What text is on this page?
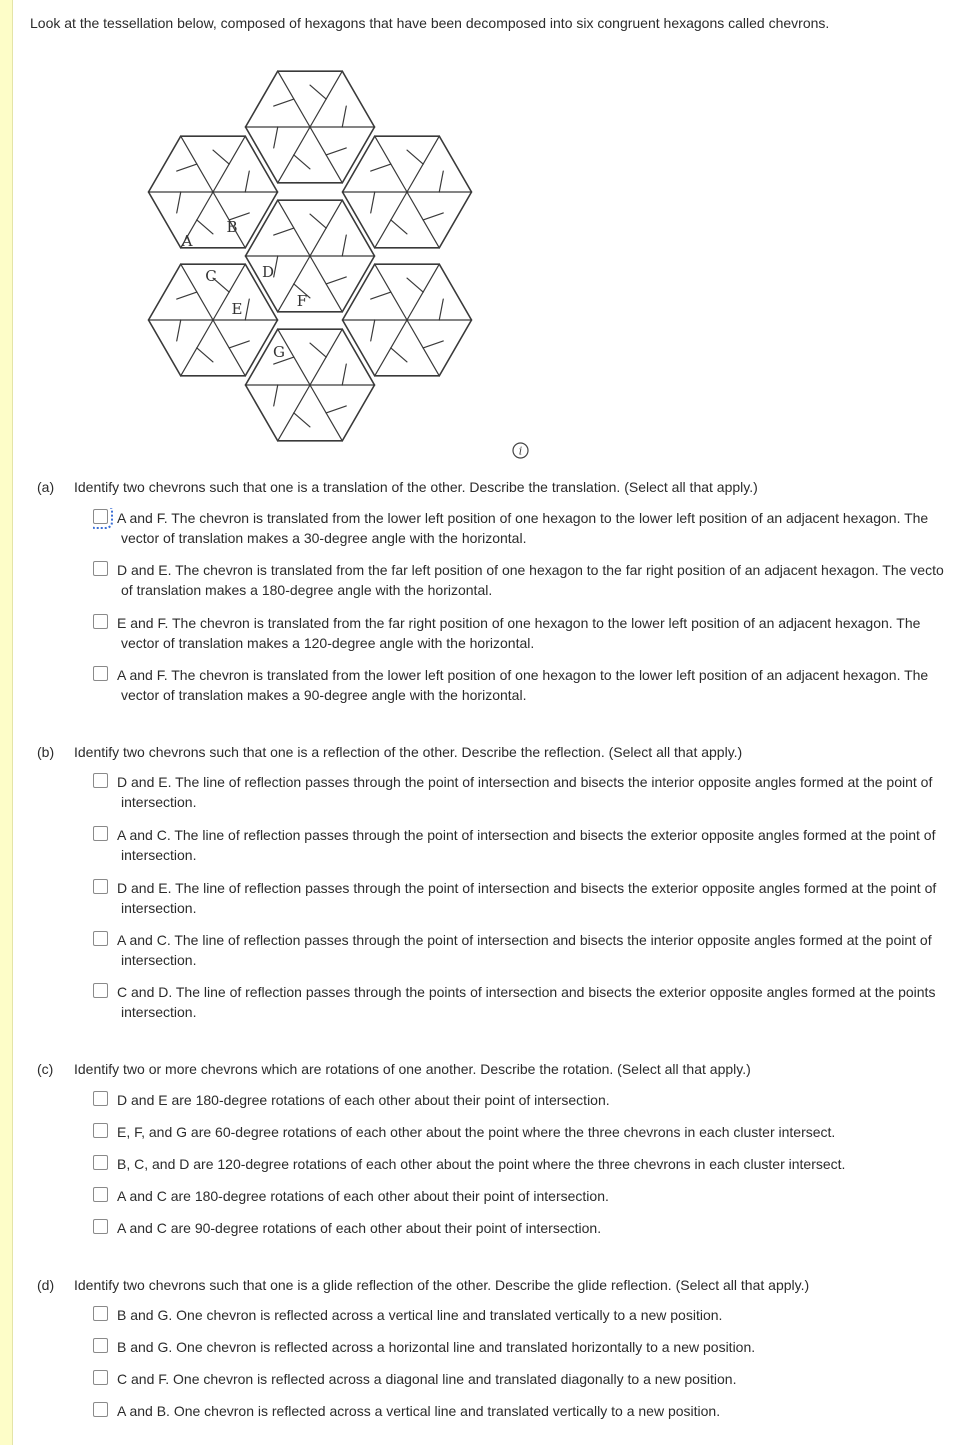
Look at the tessellation below, composed of hexagons that have been decomposed into six congruent hexagons called chevrons.
A
B
C	D
E	F
G
i
(a) Identify two chevrons such that one is a translation of the other. Describe the translation. (Select all that apply.)
A and F. The chevron is translated from the lower left position of one hexagon to the lower left position of an adjacent hexagon. The
vector of translation makes a 30-degree angle with the horizontal.
D and E. The chevron is translated from the far left position of one hexagon to the far right position of an adjacent hexagon. The vecto
of translation makes a 180-degree angle with the horizontal.
E and F. The chevron is translated from the far right position of one hexagon to the lower left position of an adjacent hexagon. The
vector of translation makes a 120-degree angle with the horizontal.
A and F. The chevron is translated from the lower left position of one hexagon to the lower left position of an adjacent hexagon. The
vector of translation makes a 90-degree angle with the horizontal.
(b) Identify two chevrons such that one is a reflection of the other. Describe the reflection. (Select all that apply.)
D and E. The line of reflection passes through the point of intersection and bisects the interior opposite angles formed at the point of
intersection.
A and C. The line of reflection passes through the point of intersection and bisects the exterior opposite angles formed at the point of
intersection.
D and E. The line of reflection passes through the point of intersection and bisects the exterior opposite angles formed at the point of
intersection.
A and C. The line of reflection passes through the point of intersection and bisects the interior opposite angles formed at the point of
intersection.
C and D. The line of reflection passes through the points of intersection and bisects the exterior opposite angles formed at the points
intersection.
(c) Identify two or more chevrons which are rotations of one another. Describe the rotation. (Select all that apply.)
D and E are 180-degree rotations of each other about their point of intersection.
E, F, and G are 60-degree rotations of each other about the point where the three chevrons in each cluster intersect.
B, C, and D are 120-degree rotations of each other about the point where the three chevrons in each cluster intersect.
A and C are 180-degree rotations of each other about their point of intersection.
A and C are 90-degree rotations of each other about their point of intersection.
(d) Identify two chevrons such that one is a glide reflection of the other. Describe the glide reflection. (Select all that apply.)
B and G. One chevron is reflected across a vertical line and translated vertically to a new position.
B and G. One chevron is reflected across a horizontal line and translated horizontally to a new position.
C and F. One chevron is reflected across a diagonal line and translated diagonally to a new position.
A and B. One chevron is reflected across a vertical line and translated vertically to a new position.
